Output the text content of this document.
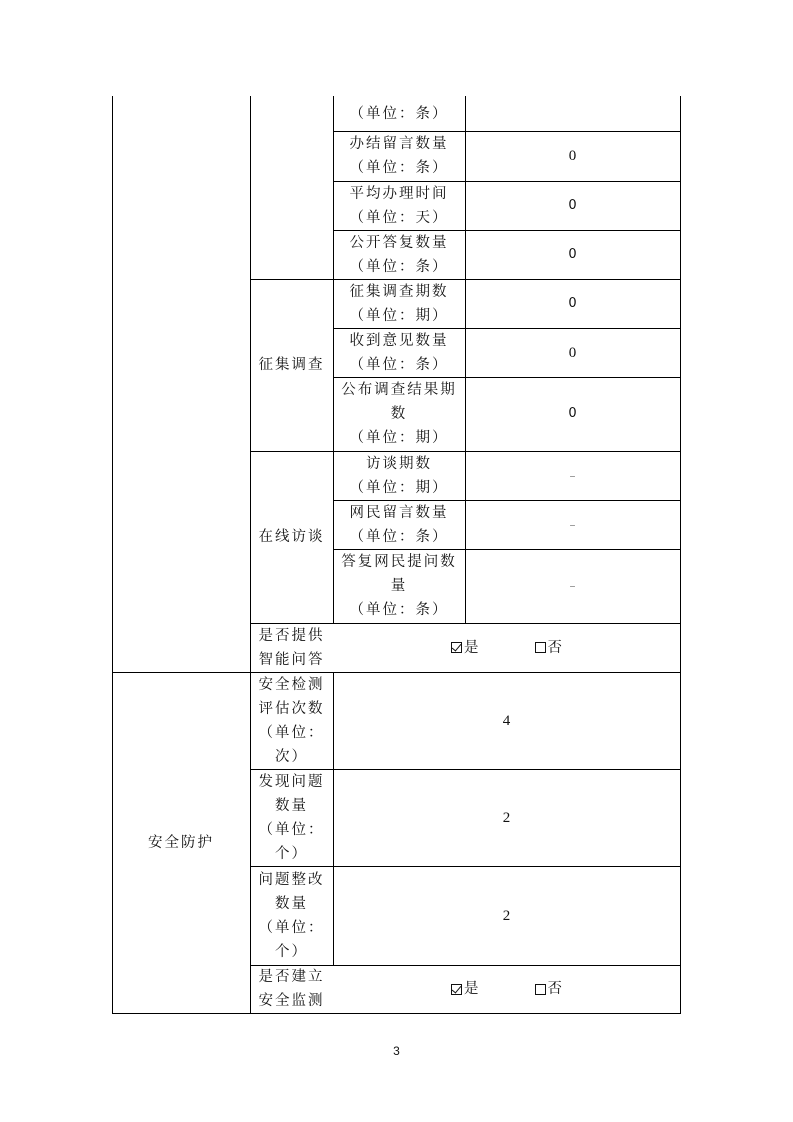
（单位：条）
办结留言数量
（单位：条）
0
平均办理时间
（单位：天）
0
公开答复数量
（单位：条）
0
征集调查
征集调查期数
（单位：期）
0
收到意见数量
（单位：条）
0
公布调查结果期
数
（单位：期）
0
在线访谈
访谈期数
（单位：期）
–
网民留言数量
（单位：条）
–
答复网民提问数
量
（单位：条）
–
是否提供
智能问答
是	否
安全防护
安全检测
评估次数
（单位：
次）
4
发现问题
数量
（单位：
个）
2
问题整改
数量
（单位：
个）
2
是否建立
安全监测
是	否
3
